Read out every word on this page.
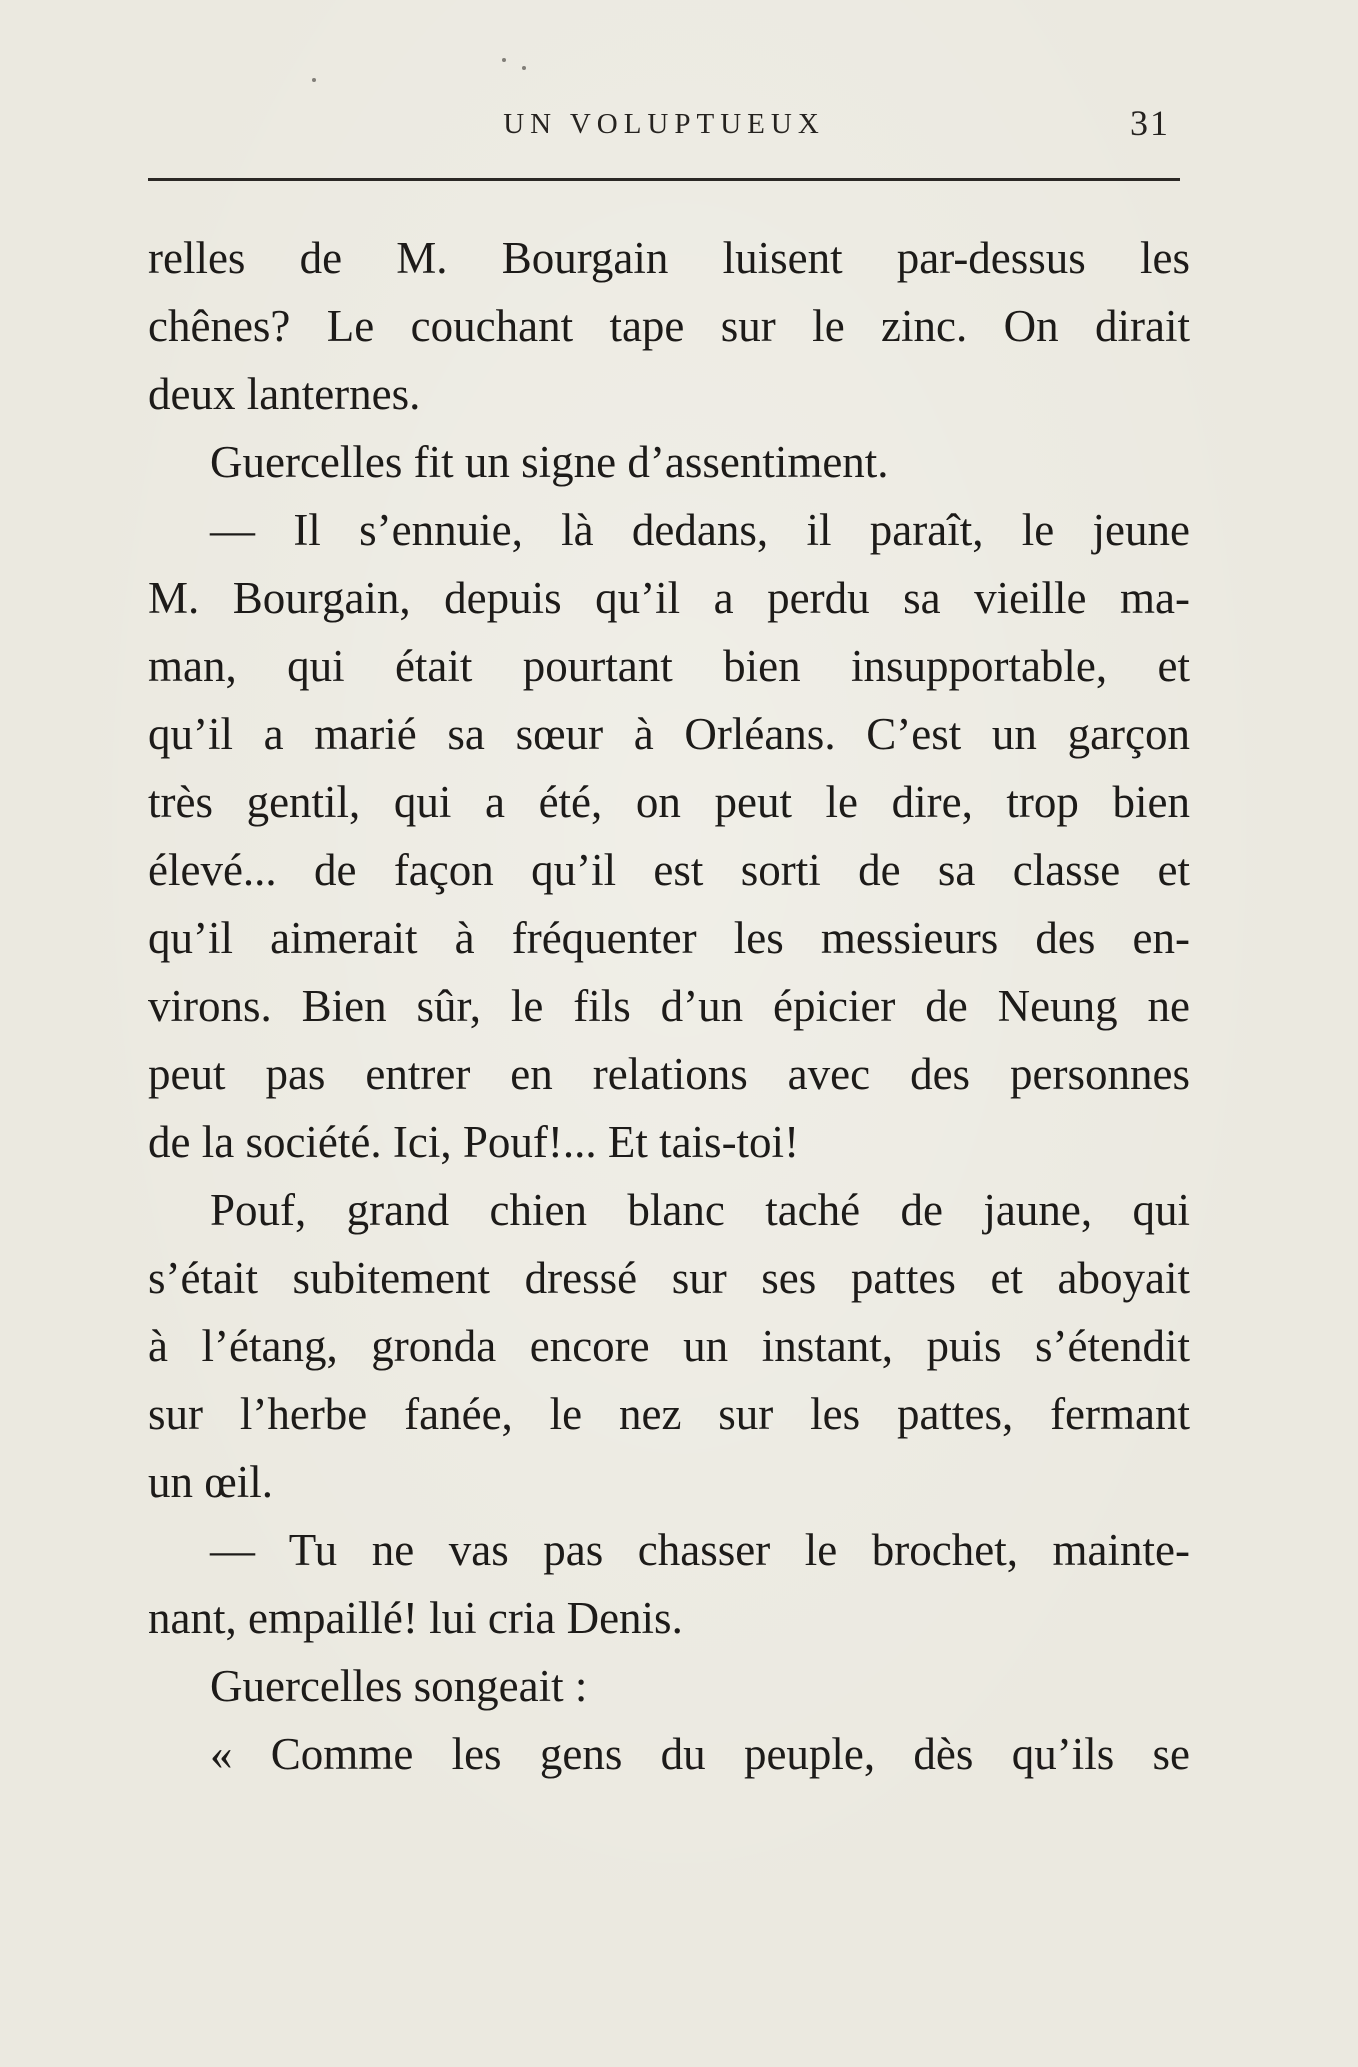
UN VOLUPTUEUX	31
relles de M. Bourgain luisent par-dessus les
chênes? Le couchant tape sur le zinc. On dirait
deux lanternes.
Guercelles fit un signe d’assentiment.
— Il s’ennuie, là dedans, il paraît, le jeune
M. Bourgain, depuis qu’il a perdu sa vieille ma-
man, qui était pourtant bien insupportable, et
qu’il a marié sa sœur à Orléans. C’est un garçon
très gentil, qui a été, on peut le dire, trop bien
élevé... de façon qu’il est sorti de sa classe et
qu’il aimerait à fréquenter les messieurs des en-
virons. Bien sûr, le fils d’un épicier de Neung ne
peut pas entrer en relations avec des personnes
de la société. Ici, Pouf!... Et tais-toi!
Pouf, grand chien blanc taché de jaune, qui
s’était subitement dressé sur ses pattes et aboyait
à l’étang, gronda encore un instant, puis s’étendit
sur l’herbe fanée, le nez sur les pattes, fermant
un œil.
— Tu ne vas pas chasser le brochet, mainte-
nant, empaillé! lui cria Denis.
Guercelles songeait :
« Comme les gens du peuple, dès qu’ils se
